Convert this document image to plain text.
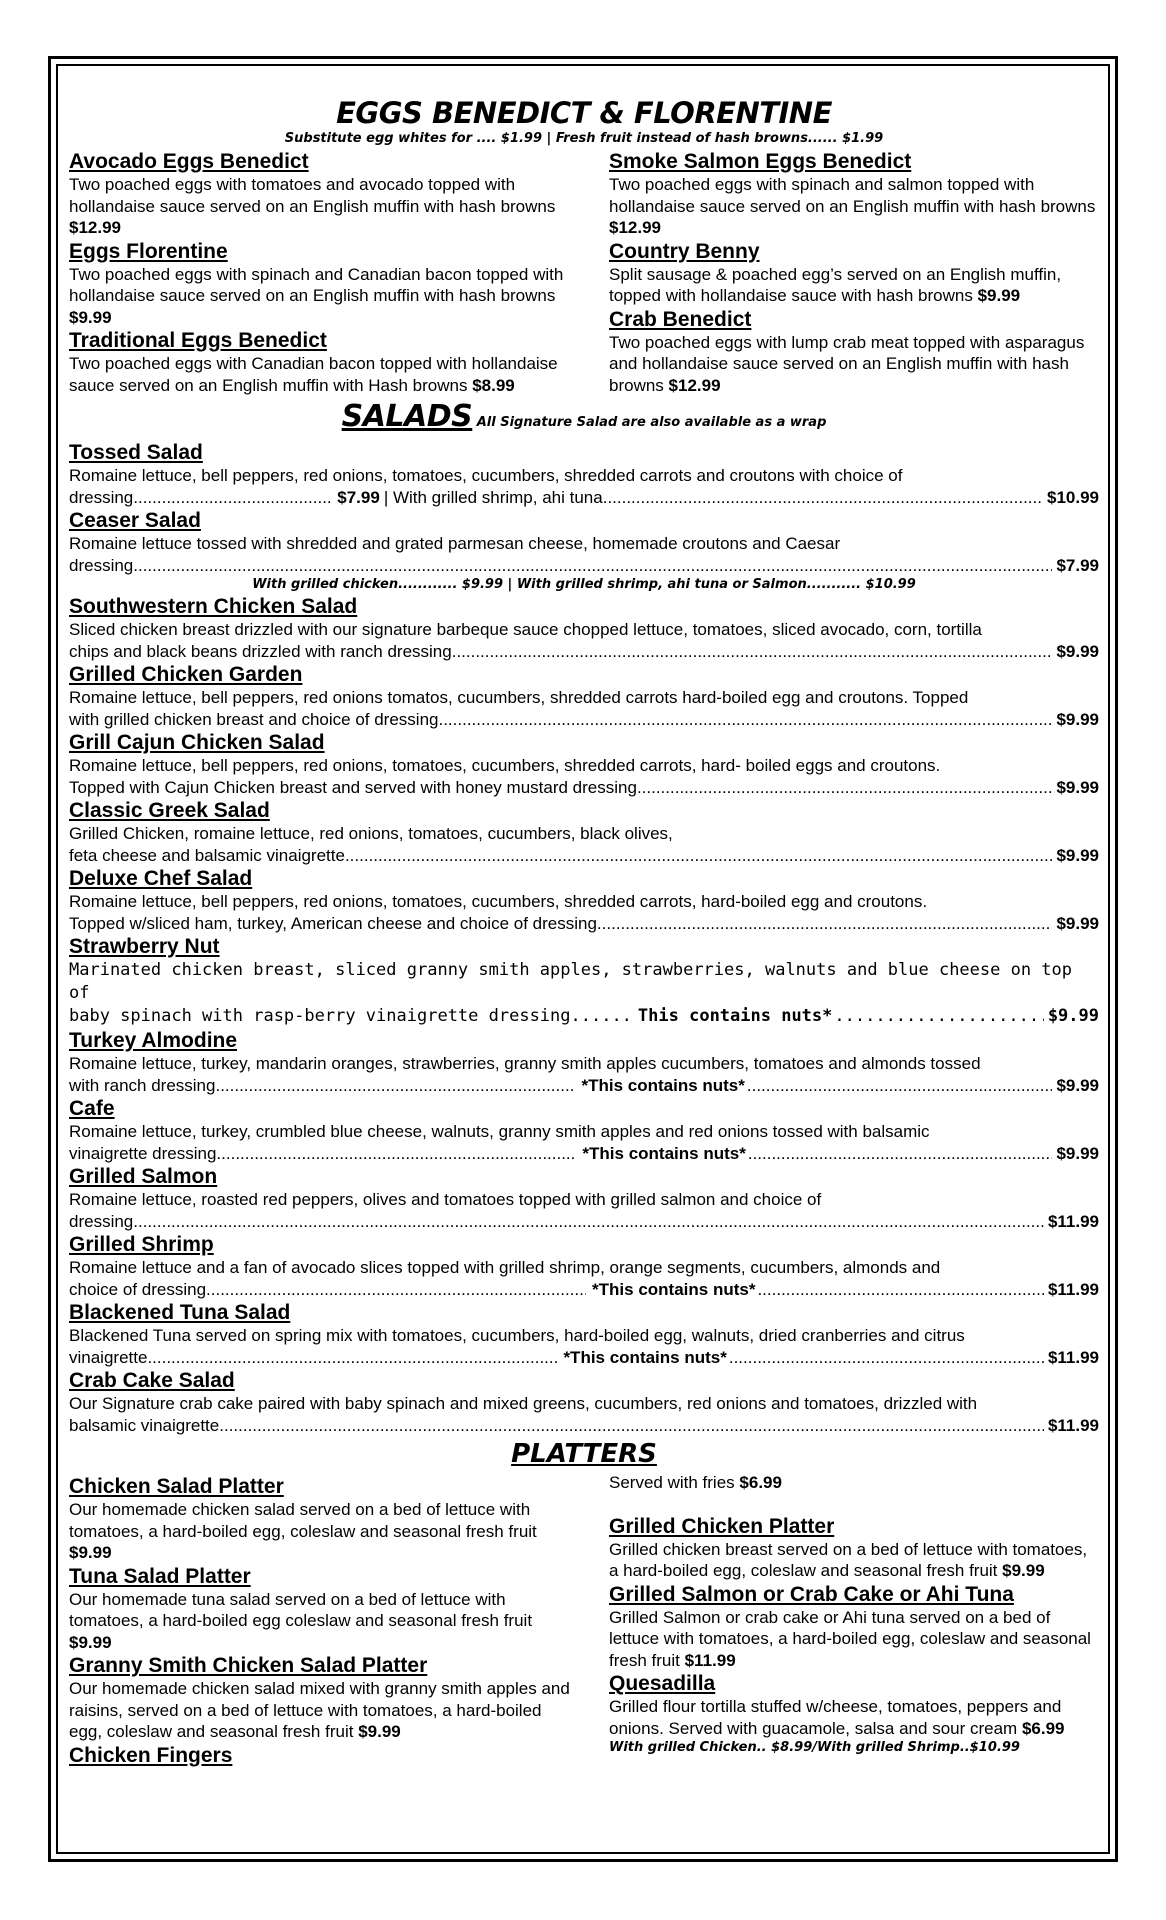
EGGS BENEDICT & FLORENTINE
Substitute egg whites for .... $1.99 | Fresh fruit instead of hash browns...... $1.99
Avocado Eggs Benedict
Two poached eggs with tomatoes and avocado topped with hollandaise sauce served on an English muffin with hash browns $12.99
Eggs Florentine
Two poached eggs with spinach and Canadian bacon topped with hollandaise sauce served on an English muffin with hash browns $9.99
Traditional Eggs Benedict
Two poached eggs with Canadian bacon topped with hollandaise sauce served on an English muffin with Hash browns $8.99
Smoke Salmon Eggs Benedict
Two poached eggs with spinach and salmon topped with hollandaise sauce served on an English muffin with hash browns $12.99
Country Benny
Split sausage & poached egg’s served on an English muffin, topped with hollandaise sauce with hash browns $9.99
Crab Benedict
Two poached eggs with lump crab meat topped with asparagus and hollandaise sauce served on an English muffin with hash browns $12.99
SALADS All Signature Salad are also available as a wrap
Tossed Salad
Romaine lettuce, bell peppers, red onions, tomatoes, cucumbers, shredded carrots and croutons with choice of
dressing .....	$7.99 | With grilled shrimp, ahi tuna .....	$10.99
Ceaser Salad
Romaine lettuce tossed with shredded and grated parmesan cheese, homemade croutons and Caesar
dressing .....	$7.99
With grilled chicken............ $9.99 | With grilled shrimp, ahi tuna or Salmon........... $10.99
Southwestern Chicken Salad
Sliced chicken breast drizzled with our signature barbeque sauce chopped lettuce, tomatoes, sliced avocado, corn, tortilla
chips and black beans drizzled with ranch dressing .....	$9.99
Grilled Chicken Garden
Romaine lettuce, bell peppers, red onions tomatos, cucumbers, shredded carrots hard-boiled egg and croutons. Topped
with grilled chicken breast and choice of dressing .....	$9.99
Grill Cajun Chicken Salad
Romaine lettuce, bell peppers, red onions, tomatoes, cucumbers, shredded carrots, hard- boiled eggs and croutons.
Topped with Cajun Chicken breast and served with honey mustard dressing .....	$9.99
Classic Greek Salad
Grilled Chicken, romaine lettuce, red onions, tomatoes, cucumbers, black olives,
feta cheese and balsamic vinaigrette .....	$9.99
Deluxe Chef Salad
Romaine lettuce, bell peppers, red onions, tomatoes, cucumbers, shredded carrots, hard-boiled egg and croutons.
Topped w/sliced ham, turkey, American cheese and choice of dressing .....	$9.99
Strawberry Nut
Marinated chicken breast, sliced granny smith apples, strawberries, walnuts and blue cheese on top of
baby spinach with rasp-berry vinaigrette dressing...... This contains nuts* .....	$9.99
Turkey Almodine
Romaine lettuce, turkey, mandarin oranges, strawberries, granny smith apples cucumbers, tomatoes and almonds tossed
with ranch dressing .....	*This contains nuts* .....	$9.99
Cafe
Romaine lettuce, turkey, crumbled blue cheese, walnuts, granny smith apples and red onions tossed with balsamic
vinaigrette dressing .....	*This contains nuts* .....	$9.99
Grilled Salmon
Romaine lettuce, roasted red peppers, olives and tomatoes topped with grilled salmon and choice of
dressing .....	$11.99
Grilled Shrimp
Romaine lettuce and a fan of avocado slices topped with grilled shrimp, orange segments, cucumbers, almonds and
choice of dressing .....	*This contains nuts* .....	$11.99
Blackened Tuna Salad
Blackened Tuna served on spring mix with tomatoes, cucumbers, hard-boiled egg, walnuts, dried cranberries and citrus
vinaigrette .....	*This contains nuts* .....	$11.99
Crab Cake Salad
Our Signature crab cake paired with baby spinach and mixed greens, cucumbers, red onions and tomatoes, drizzled with
balsamic vinaigrette .....	$11.99
PLATTERS
Chicken Salad Platter
Our homemade chicken salad served on a bed of lettuce with tomatoes, a hard-boiled egg, coleslaw and seasonal fresh fruit $9.99
Tuna Salad Platter
Our homemade tuna salad served on a bed of lettuce with tomatoes, a hard-boiled egg coleslaw and seasonal fresh fruit $9.99
Granny Smith Chicken Salad Platter
Our homemade chicken salad mixed with granny smith apples and raisins, served on a bed of lettuce with tomatoes, a hard-boiled egg, coleslaw and seasonal fresh fruit $9.99
Chicken Fingers
Served with fries $6.99
Grilled Chicken Platter
Grilled chicken breast served on a bed of lettuce with tomatoes, a hard-boiled egg, coleslaw and seasonal fresh fruit $9.99
Grilled Salmon or Crab Cake or Ahi Tuna
Grilled Salmon or crab cake or Ahi tuna served on a bed of lettuce with tomatoes, a hard-boiled egg, coleslaw and seasonal fresh fruit $11.99
Quesadilla
Grilled flour tortilla stuffed w/cheese, tomatoes, peppers and onions. Served with guacamole, salsa and sour cream $6.99
With grilled Chicken.. $8.99/With grilled Shrimp..$10.99
